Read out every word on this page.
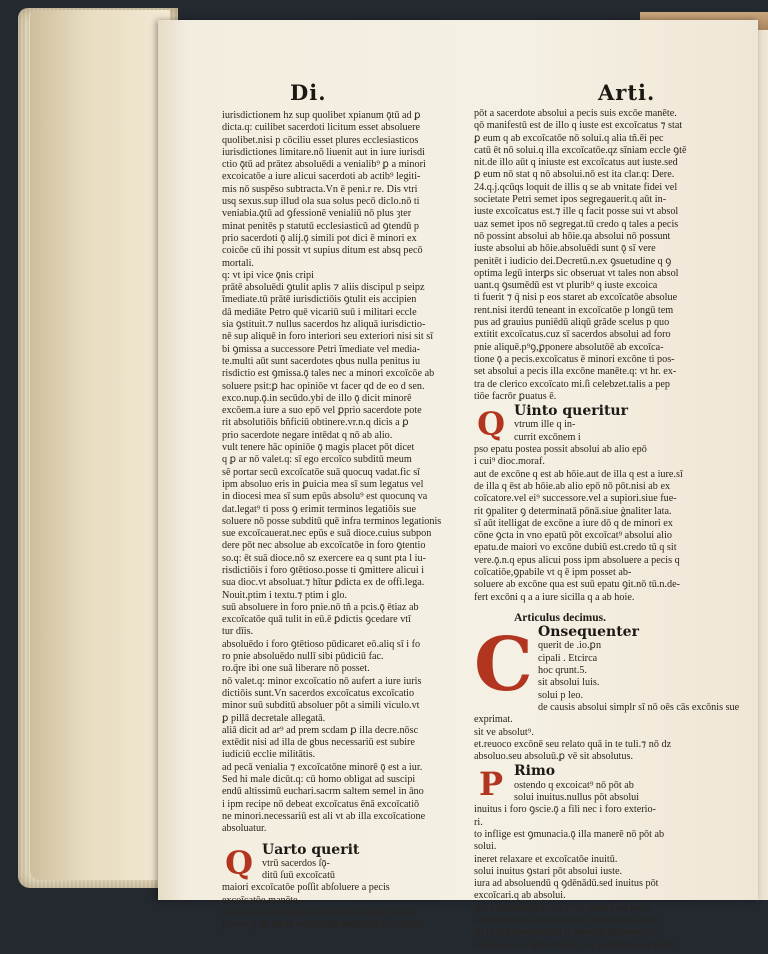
Di.	Arti.
iurisdictionem hz sup quolibet xpianum ǭtū ad ꝑ
dicta.q: cuilibet sacerdoti licitum esset absoluere
quolibet.nisi p cōciliu esset plures ecclesiasticos
iurisdictiones limitare.nō liuenit aut in iure iurisdi
ctio ǭtū ad prātez absoluēdi a venialib⁹ ꝑ a minori
excoicatōe a iure alicui sacerdoti ab actib⁹ legiti-
mis nō suspēso subtracta.Vn ē peni.r re. Dis vtri
usq sexus.sup illud ola sua solus pecō diclo.nō ti
veniabia.ǭtū ad ꝯfessionē venialiū nō plus ȝter
minat penitēs p statutū ecclesiasticū ad ꝯtendū p
prio sacerdoti ǭ alij.ǭ simili pot dici ē minori ex
coicōe cū ihi possit vt supius ditum est absq pecō
mortali.
q: vt ipi vice ǭnis cripi
prātē absoluēdi ꝯtulit aplis ⁊ aliis discipul p seipz
īmediate.tū prātē iurisdictiōis ꝯtulit eis accipien
dā mediāte Petro quē vicariū suū i militari eccle
sia ꝯstituit.⁊ nullus sacerdos hz aliquā iurisdictio-
nē sup aliquē in foro interiori seu exteriori nisi sit sī
bi ꝯmissa a successore Petri īmediate vel media-
te.multi aūt sunt sacerdotes qbus nulla penitus iu
risdictio est ꝯmissa.ǭ tales nec a minori excoīcōe ab
soluere psit:ꝑ hac opiniōe vt facer qd de eo d sen.
exco.nup.ǭ.in secūdo.ybi de illo ǭ dicit minorē
excōem.a iure a suo epō vel ꝑprio sacerdote pote
rit absolutiōis bñficiū obtinere.vr.n.q dicis a ꝑ
prio sacerdote negare intēdat q nō ab alio.
vult tenere hāc opiniōe ǭ magis placet pōt dicet
q ꝑ ar nō valet.q: sī ego ercoīco subditū meum
sē portar secū excoīcatōe suā quocuq vadat.fic sī
ipm absoluo eris in ꝑuicia mea sī sum legatus vel
in diocesi mea sī sum epūs absolu⁹ est quocunq va
dat.legat⁹ ti poss ꝯ erimit terminos legatiōis sue
soluere nō posse subditū quē infra terminos legationis
sue excoīcauerat.nec epūs e suā dioce.cuius subpon
dere pōt nec absolue ab excoīcatōe in foro ꝯtentio
so.q: ēt suā dioce.nō sz exercere ea q sunt pta l iu-
risdictiōis i foro ꝯtētioso.posse ti ꝯmittere alicui i
sua dioc.vt absoluat.⁊ hītur ꝑdicta ex de offi.lega.
Nouit.ptim i textu.⁊ ptim i glo.
suū absoluere in foro pnie.nō tñ a pcis.ǭ ētiaz ab
excoīcatōe quā tulit in eū.ē ꝑdictis ꝯcedare vtī
tur dīis.
absoluēdo i foro ꝯtētioso pūdicaret eō.aliq sī i fo
ro pnie absoluēdo nullī sibi pūdiciū fac.
ro.q̄re ibi one suā liberare nō posset.
nō valet.q: minor excoīcatio nō aufert a iure iuris
dictiōis sunt.Vn sacerdos excoīcatus excoīcatio
minor suū subditū absoluer pōt a simili viculo.vt
ꝑ pillā decretale allegatā.
aliā dicit ad ar⁹ ad prem scdam ꝑ illa decre.nōsc
extēdit nisi ad illa de gbus necessariū est subire
iudiciū ecclie militātis.
ad pecā venialia ⁊ excoīcatōne minorē ǭ est a iur.
Sed hi male dicūt.q: cū homo obligat ad suscipi
endū altissimū euchari.sacrm saltem semel in āno
i ipm recipe nō debeat excoīcatus ēnā excoīcatiō
ne minori.necessariū est ali vt ab illa excoīcatione
absoluatur.
Q Uarto querit
vtrū sacerdos ſǭ-
ditū ſuū excoīcatū
maiori excoīcatōe poſſit abſoluere a pecis
excoīcatōe manēte.
ſit iuſte ſiue iniuſte.ǭ tū teneat excoīcatū ſiue ſet
ꝑ eum q nō eſt ab excoīcatōe abſolutus.ſiue nō.nō
pōt a sacerdote absolui a pecis suis excōe manēte.
qō manifestū est de illo q iuste est excoīcatus ⁊ stat
ꝑ eum q ab excoīcatōe nō solui.q alia tñ.ēi pec
catū ēt nō solui.q illa excoīcatōe.qz sīniam eccle ꝯtē
nit.de illo aūt q iniuste est excoīcatus aut iuste.sed
ꝑ eum nō stat q nō absolui.nō est ita clar.q: Dere.
24.q.j.qcūqs loquit de illis q se ab vnitate fidei vel
societate Petri semet ipos segregauerit.q aūt in-
iuste excoīcatus est.⁊ ille q facit posse sui vt absol
uaz semet ipos nō segregat.tū credo q tales a pecis
nō possint absolui ab hōie.qa absolui nō possunt
iuste absolui ab hōie.absoluēdi sunt ǭ sī vere
penitēt i iudicio dei.Decretū.n.ex ꝯsuetudine q ꝯ
optima legū interꝑs sic obseruat vt tales non absol
uant.q ꝯsumēdū est vt plurib⁹ q iuste excoica
ti fuerit ⁊ q̄ nisi p eos staret ab excoīcatōe absolue
rent.nisi iterdū teneant in excoīcatōe p longū tem
pus ad grauius puniēdū aliqū grāde scelus p quo
extitit excoīcatus.cuz sī sacerdos absolui ad foro
pnie aliquē.p⁹ꝯ,ꝑponere absolutōē ab excoīca-
tione ǭ a pecis.excoīcatus ē minori excōne ti pos-
set absolui a pecis illa excōne manēte.q: vt hr. ex-
tra de clerico excoīcato mi.ſi celebzet.talis a pep
tiōe facrōr ꝑuatus ē.
Q Uinto queritur
vtrum ille q in-
currit excōnem i
pso epatu postea possit absolui ab alio epō
i cui⁹ dioc.moraf.
aut de excōne q est ab hōie.aut de illa q est a iure.sī
de illa q ēst ab hōie.ab alio epō nō pōt.nisi ab ex
coīcatore.vel ei⁹ successore.vel a supiori.siue fue-
rit ꝯpaliter ꝯ determinatā pōnā.siue ġnaliter lata.
sī aūt itelligat de excōne a iure dō q de minori ex
cōne ꝯcta in vno epatū pōt excoīcat⁹ absolui alio
epatu.de maiori vo excōne dubiū est.credo tū q sit
vere.ǭ.n.q epus alicui poss ipm absoluere a pecis q
coīcatiōe,ꝯpabile vt q ē ipm posset ab-
soluere ab excōne qua est suū epatu ꝯit.nō tū.n.de-
fert excōni q a a iure sicilla q a ab hoie.
Articulus decimus.
C Onsequenter
querit de .io.ꝑn
cipali . Etcirca
hoc qrunt.5.
sit absolui luis.
solui p leo.
de causis absolui simplr sī nō oēs cās excōnis sue
exprimat.
sit ve absolut⁹.
et.reuoco excōnē seu relato quā in te tuli.⁊ nō dz
absoluo.seu absoluū.ꝑ vē sit absolutus.
P Rimo
ostendo q excoicat⁹ nō pōt ab
solui inuitus.nullus pōt absolui
inuitus i foro ꝯscie.ǭ a fili nec i foro exterio-
ri.
to inflige est ꝯmunacia.ǭ illa manerē nō pōt ab
solui.
ineret relaxare et excoīcatōe inuitū.
solui inuitus ꝯstari pōt absolui iuste.
iura ad absoluendū q ꝯdēnādū.sed inuitus pōt
excoīcari.q ab absolui.
dat a iudice.qdā a iure.p⁹ si inuista est tenet
iuder relaxare et excoīcatōe in ūtū.sed si iuste
ab in illa absoluerē.tū sī absoluit ille vere ab-
solutus est.vt qdā dicit.sic n.ꝯ voluntate suā ponit
